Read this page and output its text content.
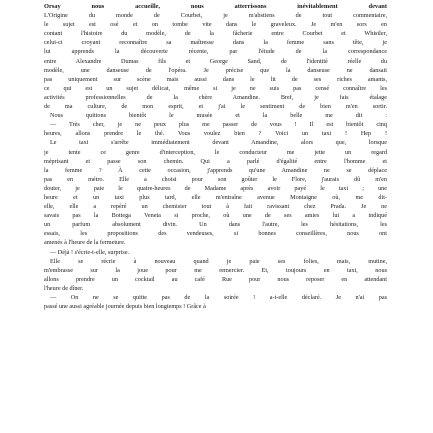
Orsay nous accueille, nous atterrissons inévitablement devant
L'Origine du monde de Courbet, je m'abstiens de tout commentaire,
le sujet est osé et on tombe vite dans le graveleux. Je m'en sors en
contant l'histoire du modèle, de la fâcherie entre Courbet et Whistler,
celui-ci croyant reconnaître sa maîtresse dans la femme sans tête, je
lui apprends la découverte récente, par l'étude de la correspondance
entre Alexandre Dumas fils et George Sand, de l'identité réelle du
modèle, une danseuse de l'opéra. Je précise que la danseuse ne dansait
pas uniquement sur scène mais aussi dans le lit de ses riches amants,
ce qui est un sujet délicat, même si je ne suis pas censé connaître les
activités professionnelles de la chère Amandine. Bref, je fais étalage
de ma culture, de mon esprit, et j'ai le sentiment de bien m'en sortir.
Nous quittons bientôt le musée et la belle me dit :
— Très cher, je ne peux plus me passer de vous ! Il est bientôt cinq
heures, allons prendre le thé. Vous voulez bien ? Voici un taxi ! Hep !
Le taxi s'arrête immédiatement devant Amandine, alors que, lorsque
je tente ce genre d'interception, le conducteur me jette un regard
méprisant et passe son chemin. Qui a parlé d'égalité entre l'homme et
la femme ? À cette occasion, j'apprends qu'une Amandine ne se déplace
pas en métro. Elle a choisi pour son goûter le Flore, j'aurais dû m'en
douter, je paie le quatre-heures de Madame après avoir payé le taxi ; une
heure et un taxi plus tard, elle m'entraîne avenue Montaigne où, me dit-
elle, elle a repéré un chemisier tout à fait ravissant chez Prada. Je ne
savais pas la Bottega Veneta si proche, où une de ses amies lui a indiqué
un parfum absolument divin. Un dans l'autre, les hésitations, les
essais, les propositions des vendeuses, si bonnes conseillères, nous ont
amenés à l'heure de la fermeture.
— Déjà ! s'écrie-t-elle, surprise.
Elle se récrie à nouveau quand je paie ses folies, mais, mutine,
m'embrasse sur la joue pour me remercier. Et, toujours en taxi, nous
allons prendre un cocktail au café Rue pour nous reposer en attendant
l'heure de dîner.
— On ne se quitte pas de la soirée ! a-t-elle déclaré. Je n'ai pas
passé une aussi agréable journée depuis bien longtemps ! Grâce à
